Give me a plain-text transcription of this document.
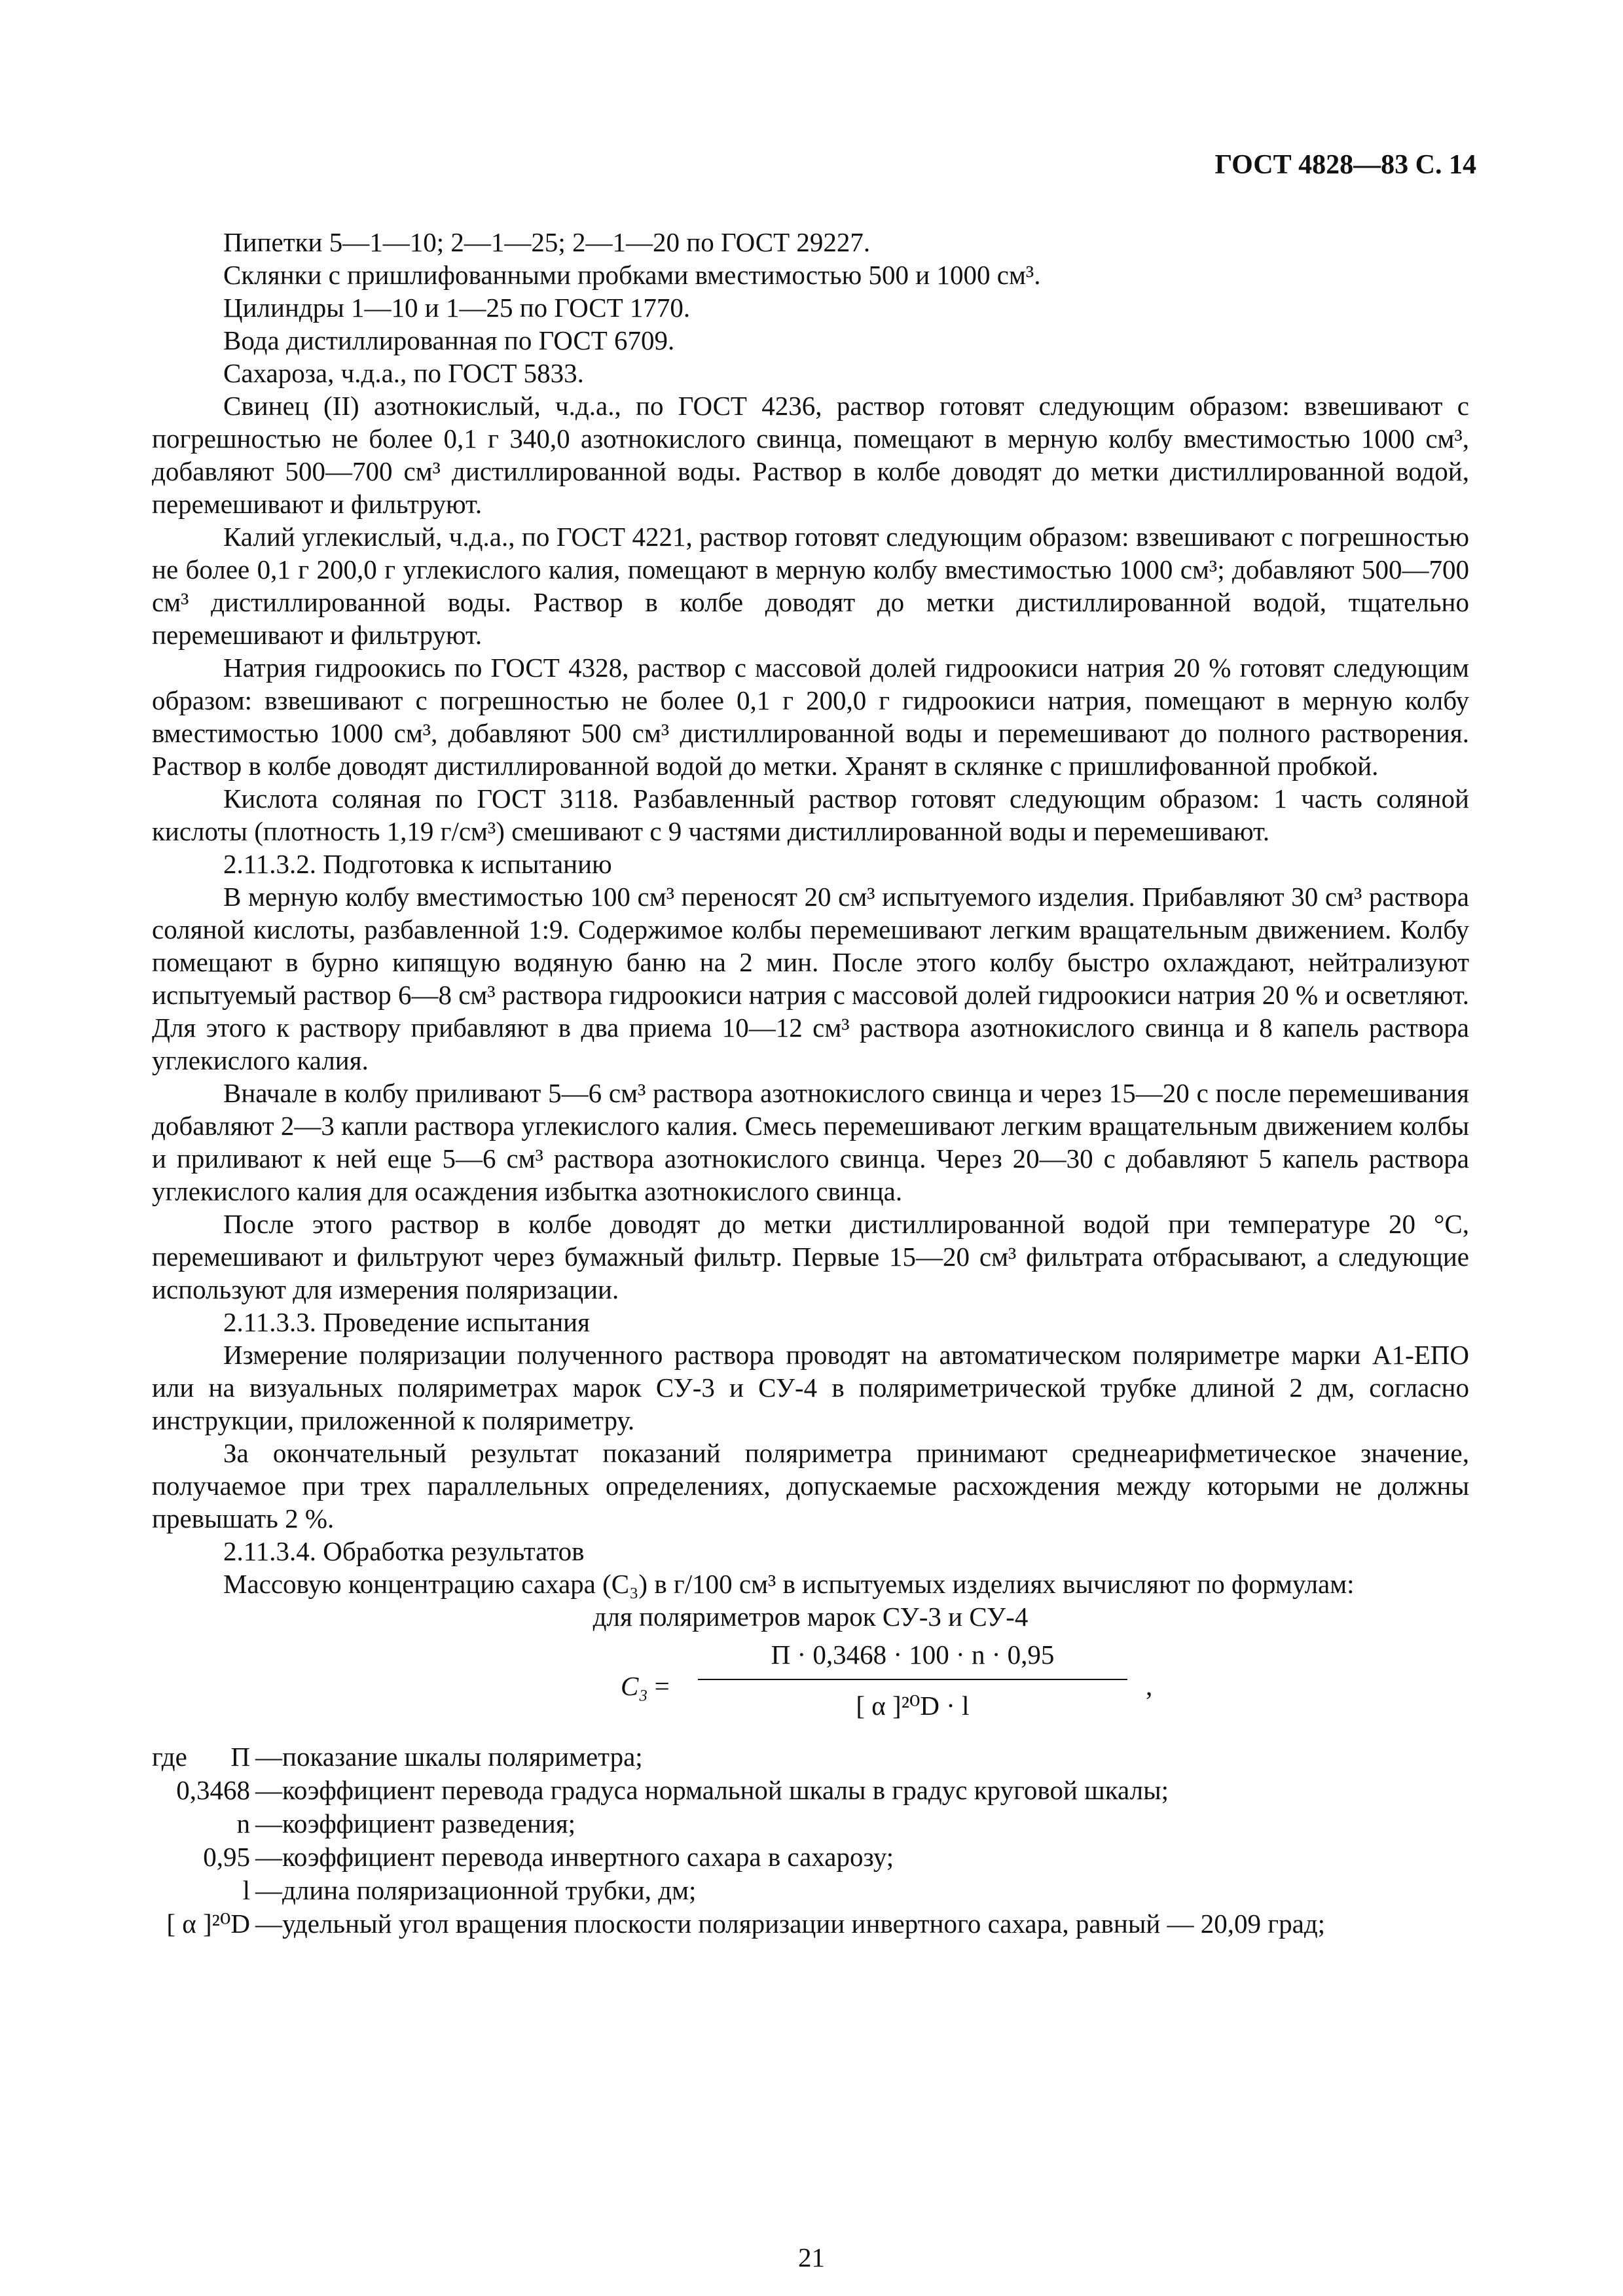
ГОСТ 4828—83 С. 14

Пипетки 5—1—10; 2—1—25; 2—1—20 по ГОСТ 29227.

Склянки с пришлифованными пробками вместимостью 500 и 1000 см³.

Цилиндры 1—10 и 1—25 по ГОСТ 1770.

Вода дистиллированная по ГОСТ 6709.

Сахароза, ч.д.а., по ГОСТ 5833.

Свинец (II) азотнокислый, ч.д.а., по ГОСТ 4236, раствор готовят следующим образом: взвешивают с погрешностью не более 0,1 г 340,0 азотнокислого свинца, помещают в мерную колбу вместимостью 1000 см³, добавляют 500—700 см³ дистиллированной воды. Раствор в колбе доводят до метки дистиллированной водой, перемешивают и фильтруют.

Калий углекислый, ч.д.а., по ГОСТ 4221, раствор готовят следующим образом: взвешивают с погрешностью не более 0,1 г 200,0 г углекислого калия, помещают в мерную колбу вместимостью 1000 см³; добавляют 500—700 см³ дистиллированной воды. Раствор в колбе доводят до метки дистиллированной водой, тщательно перемешивают и фильтруют.

Натрия гидроокись по ГОСТ 4328, раствор с массовой долей гидроокиси натрия 20 % готовят следующим образом: взвешивают с погрешностью не более 0,1 г 200,0 г гидроокиси натрия, помещают в мерную колбу вместимостью 1000 см³, добавляют 500 см³ дистиллированной воды и перемешивают до полного растворения. Раствор в колбе доводят дистиллированной водой до метки. Хранят в склянке с пришлифованной пробкой.

Кислота соляная по ГОСТ 3118. Разбавленный раствор готовят следующим образом: 1 часть соляной кислоты (плотность 1,19 г/см³) смешивают с 9 частями дистиллированной воды и перемешивают.

2.11.3.2. Подготовка к испытанию

В мерную колбу вместимостью 100 см³ переносят 20 см³ испытуемого изделия. Прибавляют 30 см³ раствора соляной кислоты, разбавленной 1:9. Содержимое колбы перемешивают легким вращательным движением. Колбу помещают в бурно кипящую водяную баню на 2 мин. После этого колбу быстро охлаждают, нейтрализуют испытуемый раствор 6—8 см³ раствора гидроокиси натрия с массовой долей гидроокиси натрия 20 % и осветляют. Для этого к раствору прибавляют в два приема 10—12 см³ раствора азотнокислого свинца и 8 капель раствора углекислого калия.

Вначале в колбу приливают 5—6 см³ раствора азотнокислого свинца и через 15—20 с после перемешивания добавляют 2—3 капли раствора углекислого калия. Смесь перемешивают легким вращательным движением колбы и приливают к ней еще 5—6 см³ раствора азотнокислого свинца. Через 20—30 с добавляют 5 капель раствора углекислого калия для осаждения избытка азотнокислого свинца.

После этого раствор в колбе доводят до метки дистиллированной водой при температуре 20 °С, перемешивают и фильтруют через бумажный фильтр. Первые 15—20 см³ фильтрата отбрасывают, а следующие используют для измерения поляризации.

2.11.3.3. Проведение испытания

Измерение поляризации полученного раствора проводят на автоматическом поляриметре марки А1-ЕПО или на визуальных поляриметрах марок СУ-3 и СУ-4 в поляриметрической трубке длиной 2 дм, согласно инструкции, приложенной к поляриметру.

За окончательный результат показаний поляриметра принимают среднеарифметическое значение, получаемое при трех параллельных определениях, допускаемые расхождения между которыми не должны превышать 2 %.

2.11.3.4. Обработка результатов

Массовую концентрацию сахара (C₃) в г/100 см³ в испытуемых изделиях вычисляют по формулам:

для поляриметров марок СУ-3 и СУ-4

C₃ =
П · 0,3468 · 100 · n · 0,95
[ α ]²⁰D · l
,
где	П —показание шкалы поляриметра;
0,3468 —коэффициент перевода градуса нормальной шкалы в градус круговой шкалы;
n —коэффициент разведения;
0,95 —коэффициент перевода инвертного сахара в сахарозу;
l —длина поляризационной трубки, дм;
[ α ]²⁰D —удельный угол вращения плоскости поляризации инвертного сахара, равный — 20,09 град;
21
